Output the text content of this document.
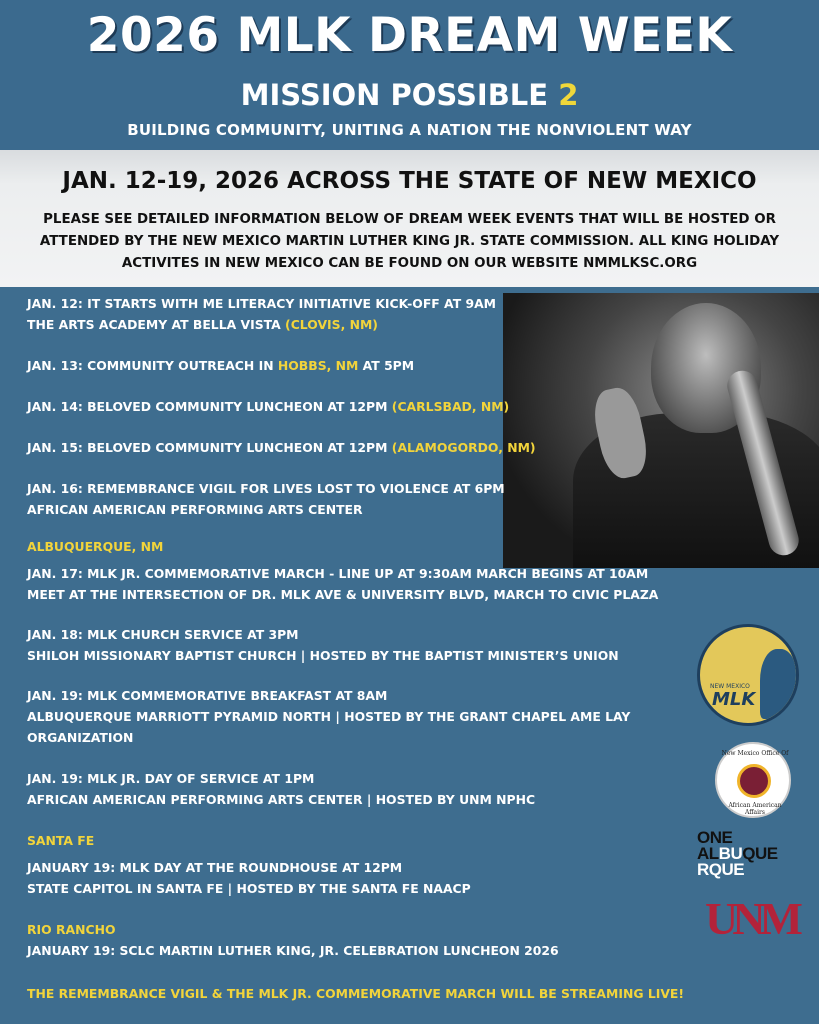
2026 MLK DREAM WEEK
MISSION POSSIBLE 2
BUILDING COMMUNITY, UNITING A NATION THE NONVIOLENT WAY
JAN. 12-19, 2026 ACROSS THE STATE OF NEW MEXICO
PLEASE SEE DETAILED INFORMATION BELOW OF DREAM WEEK EVENTS THAT WILL BE HOSTED OR ATTENDED BY THE NEW MEXICO MARTIN LUTHER KING JR. STATE COMMISSION. ALL KING HOLIDAY ACTIVITES IN NEW MEXICO CAN BE FOUND ON OUR WEBSITE NMMLKSC.ORG
JAN. 12: IT STARTS WITH ME LITERACY INITIATIVE KICK-OFF AT 9AM
THE ARTS ACADEMY AT BELLA VISTA (CLOVIS, NM)
JAN. 13: COMMUNITY OUTREACH IN HOBBS, NM AT 5PM
JAN. 14: BELOVED COMMUNITY LUNCHEON AT 12PM (CARLSBAD, NM)
JAN. 15: BELOVED COMMUNITY LUNCHEON AT 12PM (ALAMOGORDO, NM)
JAN. 16: REMEMBRANCE VIGIL FOR LIVES LOST TO VIOLENCE AT 6PM
AFRICAN AMERICAN PERFORMING ARTS CENTER
ALBUQUERQUE, NM
JAN. 17: MLK JR. COMMEMORATIVE MARCH - LINE UP AT 9:30AM MARCH BEGINS AT 10AM
MEET AT THE INTERSECTION OF DR. MLK AVE & UNIVERSITY BLVD, MARCH TO CIVIC PLAZA
JAN. 18: MLK CHURCH SERVICE AT 3PM
SHILOH MISSIONARY BAPTIST CHURCH | HOSTED BY THE BAPTIST MINISTER’S UNION
JAN. 19: MLK COMMEMORATIVE BREAKFAST AT 8AM
ALBUQUERQUE MARRIOTT PYRAMID NORTH | HOSTED BY THE GRANT CHAPEL AME LAY
ORGANIZATION
JAN. 19: MLK JR. DAY OF SERVICE AT 1PM
AFRICAN AMERICAN PERFORMING ARTS CENTER | HOSTED BY UNM NPHC
SANTA FE
JANUARY 19: MLK DAY AT THE ROUNDHOUSE AT 12PM
STATE CAPITOL IN SANTA FE | HOSTED BY THE SANTA FE NAACP
RIO RANCHO
JANUARY 19: SCLC MARTIN LUTHER KING, JR. CELEBRATION LUNCHEON 2026
THE REMEMBRANCE VIGIL & THE MLK JR. COMMEMORATIVE MARCH WILL BE STREAMING LIVE!
NEW MEXICO
MLK
New Mexico Office Of
African American Affairs
ONE
ALBUQUE
RQUE
UNM
